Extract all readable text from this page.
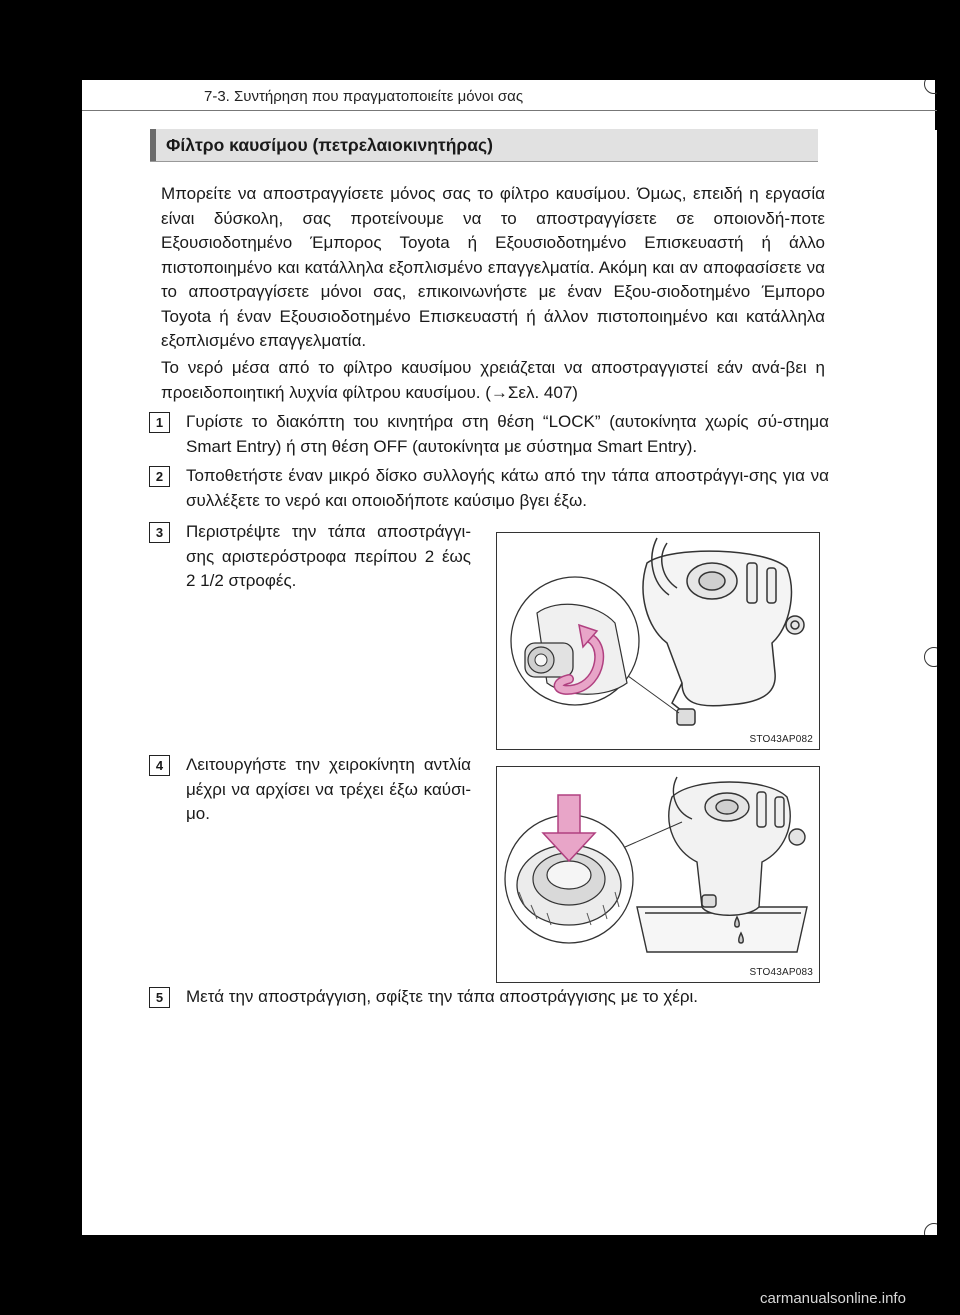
7-3. Συντήρηση που πραγματοποιείτε μόνοι σας
Φίλτρο καυσίμου (πετρελαιοκινητήρας)

Μπορείτε να αποστραγγίσετε μόνος σας το φίλτρο καυσίμου. Όμως, επειδή η εργασία είναι δύσκολη, σας προτείνουμε να το αποστραγγίσετε σε οποιονδή-ποτε Εξουσιοδοτημένο Έμπορος Toyota ή Εξουσιοδοτημένο Επισκευαστή ή άλλο πιστοποιημένο και κατάλληλα εξοπλισμένο επαγγελματία. Ακόμη και αν αποφασίσετε να το αποστραγγίσετε μόνοι σας, επικοινωνήστε με έναν Εξου-σιοδοτημένο Έμπορο Toyota ή έναν Εξουσιοδοτημένο Επισκευαστή ή άλλον πιστοποιημένο και κατάλληλα εξοπλισμένο επαγγελματία.

Το νερό μέσα από το φίλτρο καυσίμου χρειάζεται να αποστραγγιστεί εάν ανά-βει η προειδοποιητική λυχνία φίλτρου καυσίμου. (→Σελ. 407)

1	Γυρίστε το διακόπτη του κινητήρα στη θέση “LOCK” (αυτοκίνητα χωρίς σύ-στημα Smart Entry) ή στη θέση OFF (αυτοκίνητα με σύστημα Smart Entry).

2	Τοποθετήστε έναν μικρό δίσκο συλλογής κάτω από την τάπα αποστράγγι-σης για να συλλέξετε το νερό και οποιοδήποτε καύσιμο βγει έξω.

3	Περιστρέψτε την τάπα αποστράγγι-σης αριστερόστροφα περίπου 2 έως 2 1/2 στροφές.

STO43AP082
4	Λειτουργήστε την χειροκίνητη αντλία μέχρι να αρχίσει να τρέχει έξω καύσι-μο.

STO43AP083
5	Μετά την αποστράγγιση, σφίξτε την τάπα αποστράγγισης με το χέρι.

carmanualsonline.info
